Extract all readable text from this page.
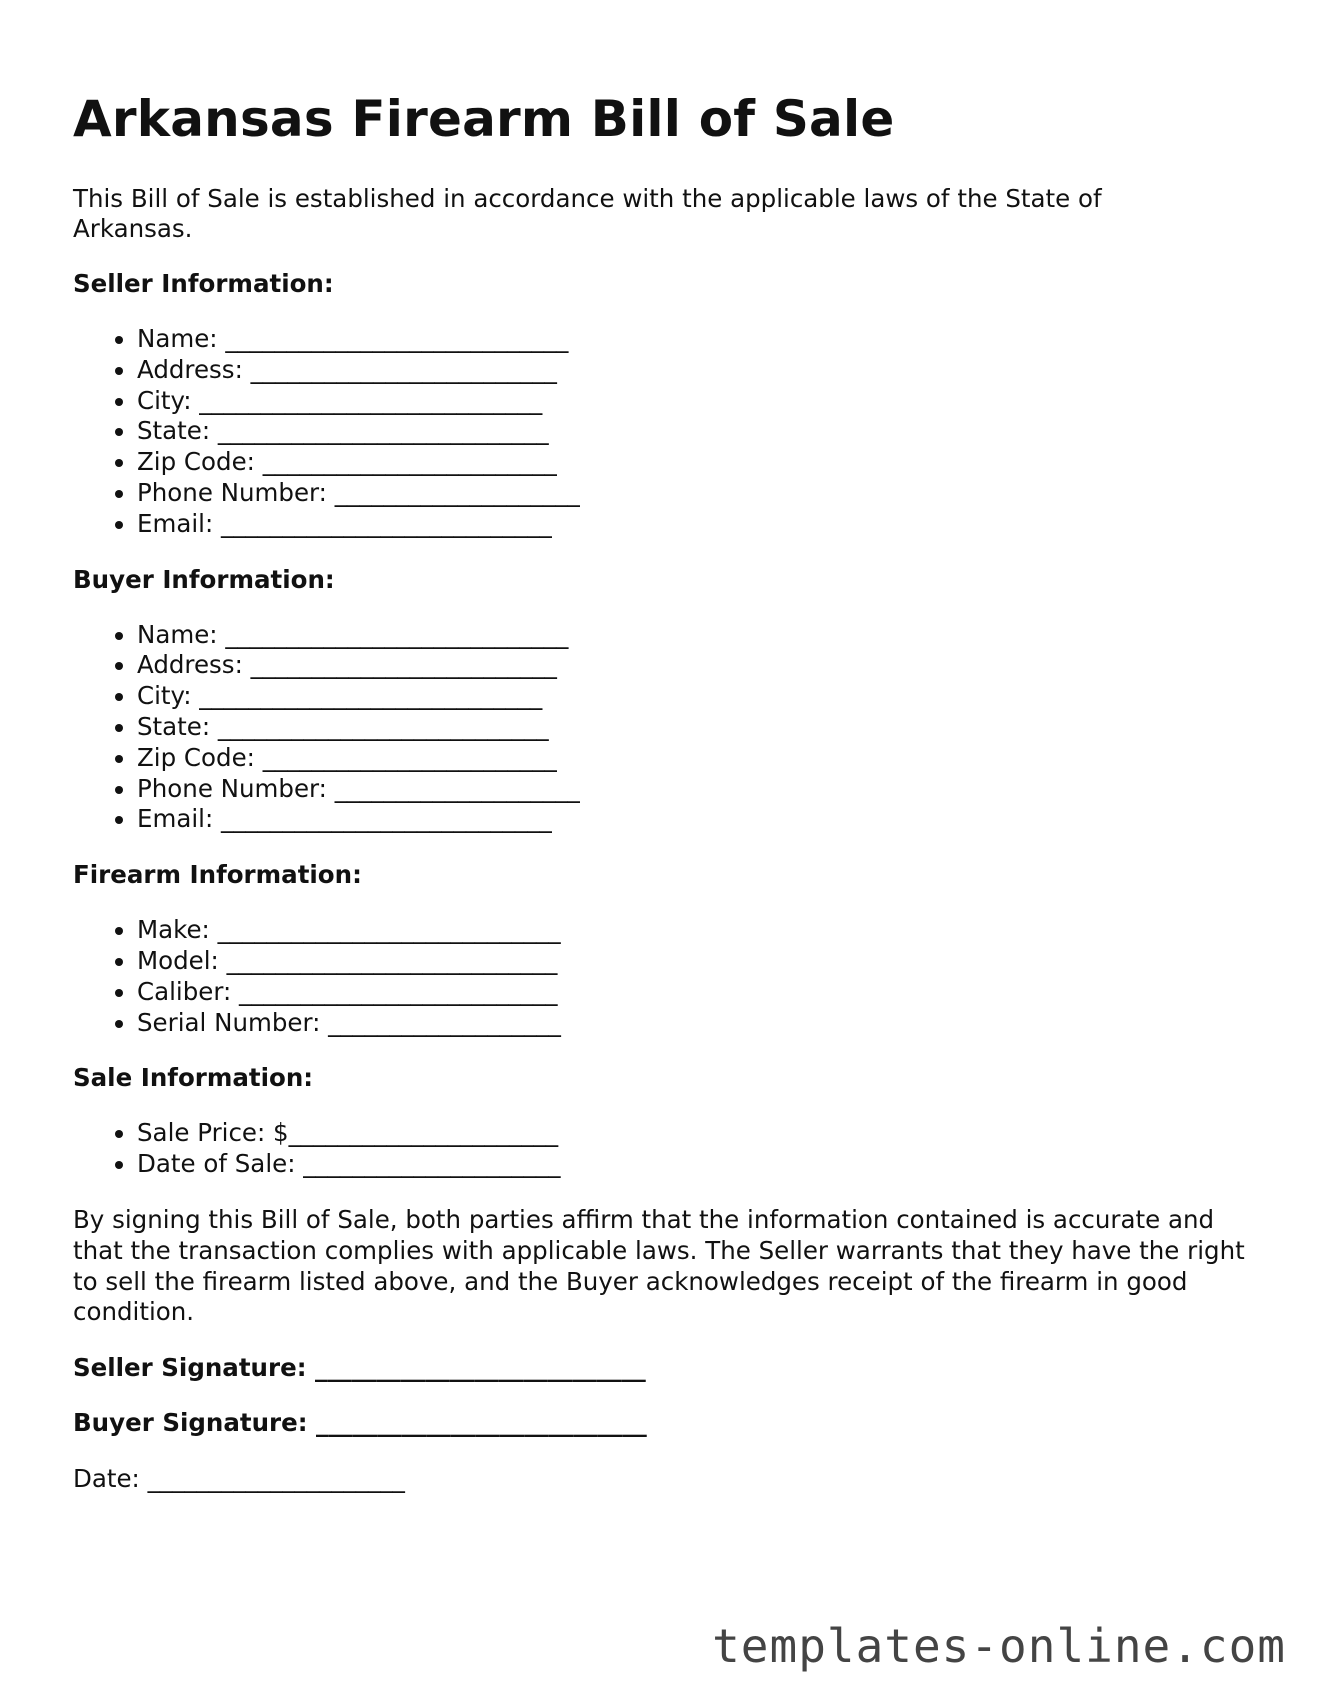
Arkansas Firearm Bill of Sale

This Bill of Sale is established in accordance with the applicable laws of the State of Arkansas.

Seller Information:
• Name: ____________________________
• Address: _________________________
• City: ____________________________
• State: ___________________________
• Zip Code: ________________________
• Phone Number: ____________________
• Email: ___________________________
Buyer Information:
• Name: ____________________________
• Address: _________________________
• City: ____________________________
• State: ___________________________
• Zip Code: ________________________
• Phone Number: ____________________
• Email: ___________________________
Firearm Information:
• Make: ____________________________
• Model: ___________________________
• Caliber: __________________________
• Serial Number: ___________________
Sale Information:
• Sale Price: $______________________
• Date of Sale: _____________________

By signing this Bill of Sale, both parties affirm that the information contained is accurate and that the transaction complies with applicable laws. The Seller warrants that they have the right to sell the firearm listed above, and the Buyer acknowledges receipt of the firearm in good condition.

Seller Signature: ___________________________
Buyer Signature: ___________________________
Date: _____________________
templates-online.com
